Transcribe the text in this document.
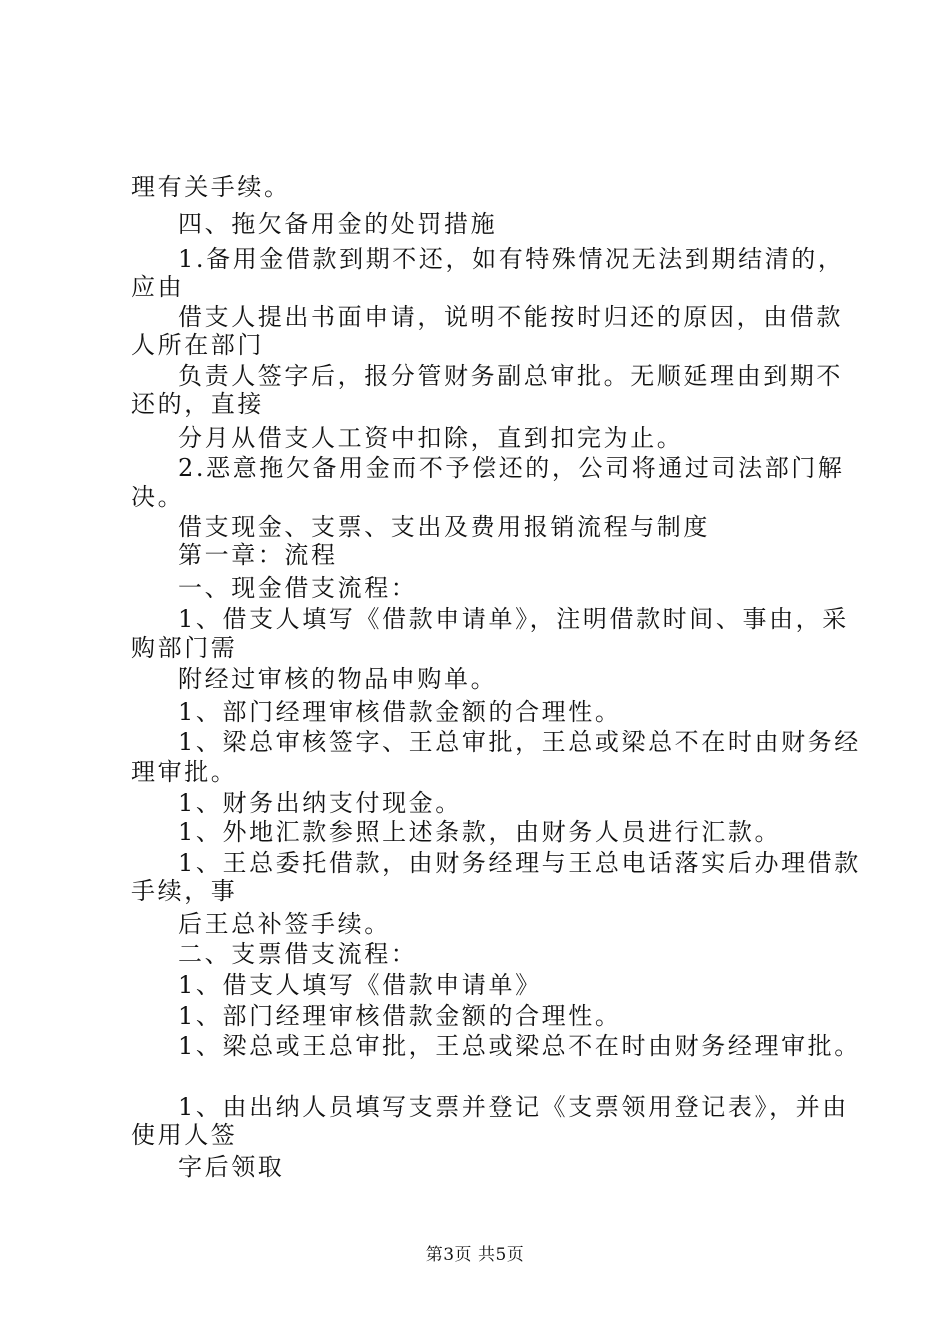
理有关手续。
四、拖欠备用金的处罚措施
1.备用金借款到期不还，如有特殊情况无法到期结清的，
应由
借支人提出书面申请，说明不能按时归还的原因，由借款
人所在部门
负责人签字后，报分管财务副总审批。无顺延理由到期不
还的，直接
分月从借支人工资中扣除，直到扣完为止。
2.恶意拖欠备用金而不予偿还的，公司将通过司法部门解
决。
借支现金、支票、支出及费用报销流程与制度
第一章：流程
一、现金借支流程：
1、借支人填写《借款申请单》，注明借款时间、事由，采
购部门需
附经过审核的物品申购单。
1、部门经理审核借款金额的合理性。
1、梁总审核签字、王总审批，王总或梁总不在时由财务经
理审批。
1、财务出纳支付现金。
1、外地汇款参照上述条款，由财务人员进行汇款。
1、王总委托借款，由财务经理与王总电话落实后办理借款
手续，事
后王总补签手续。
二、支票借支流程：
1、借支人填写《借款申请单》
1、部门经理审核借款金额的合理性。
1、梁总或王总审批，王总或梁总不在时由财务经理审批。
1、由出纳人员填写支票并登记《支票领用登记表》，并由
使用人签
字后领取
第3页 共5页
